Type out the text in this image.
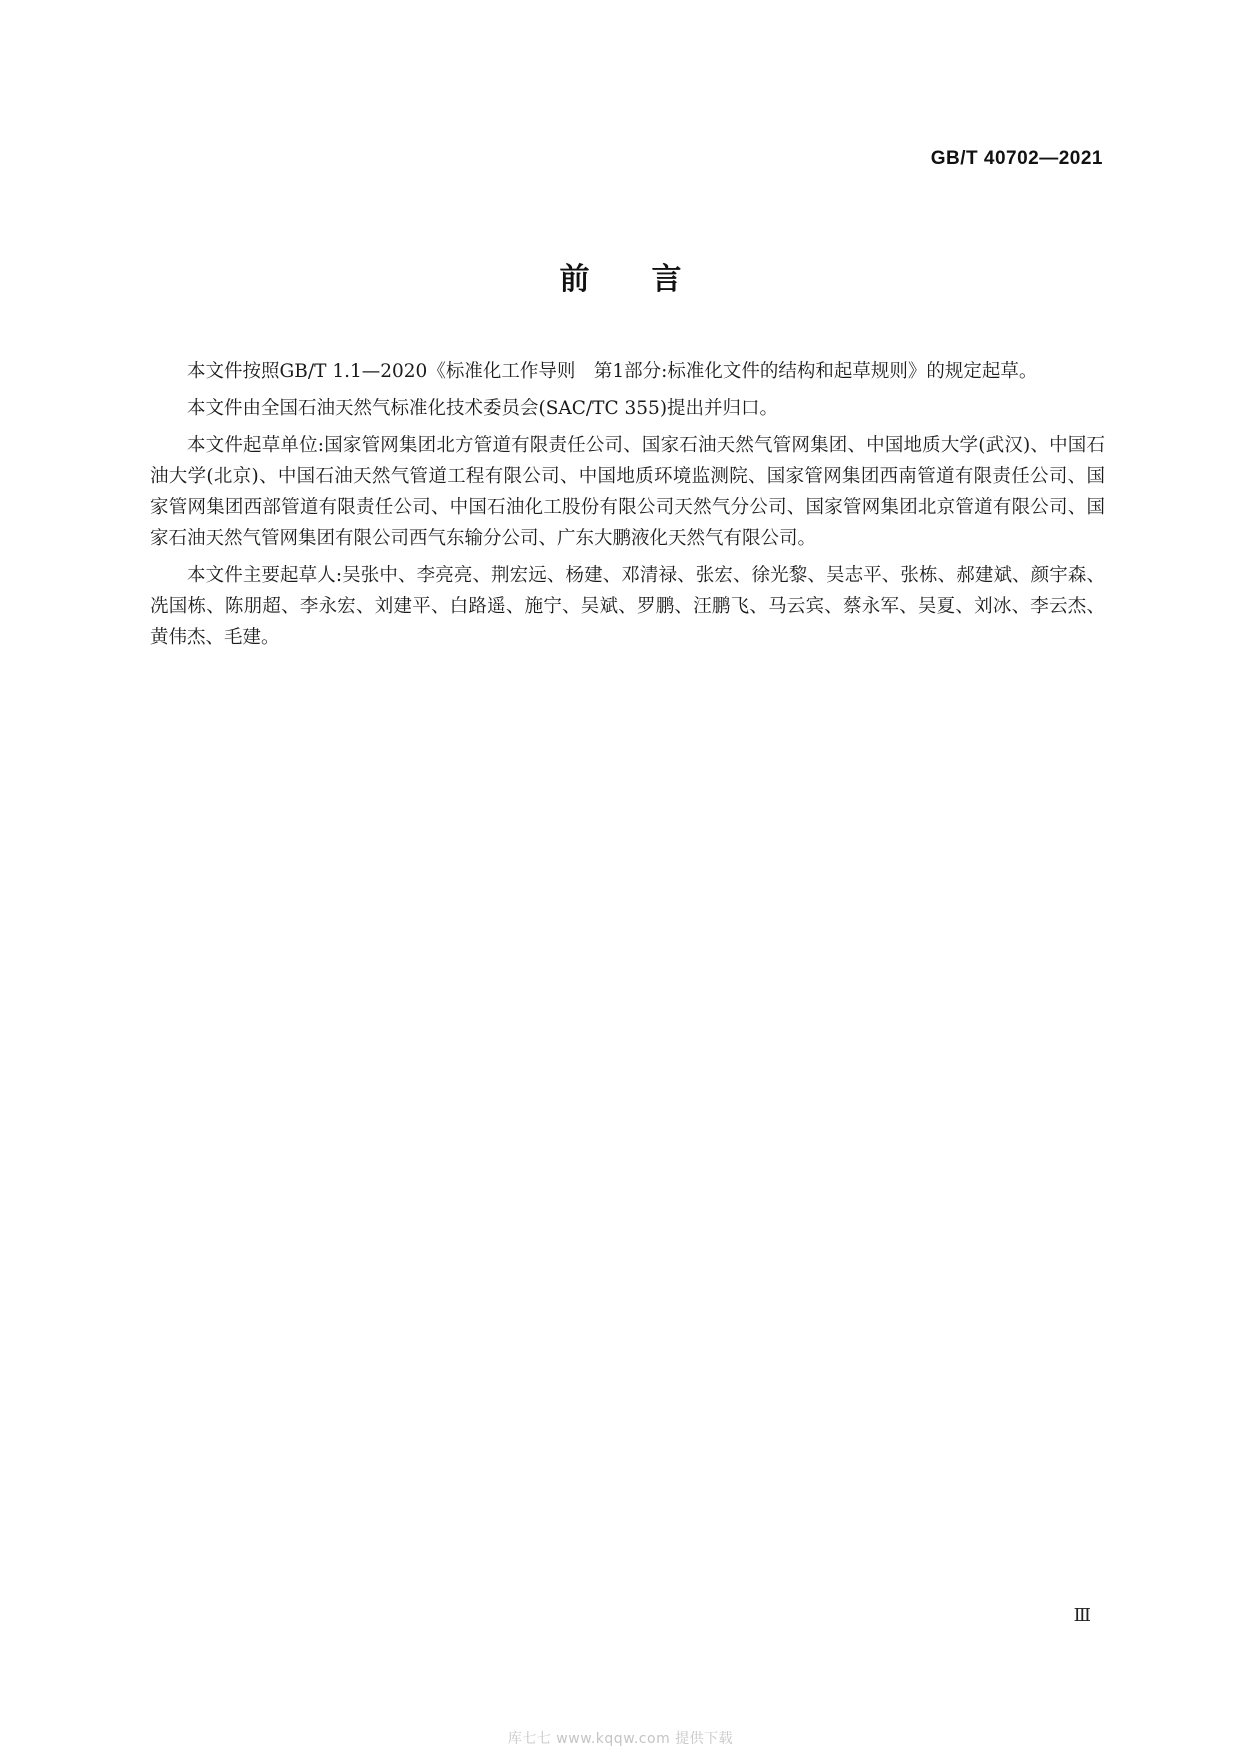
GB/T 40702—2021
前言

本文件按照GB/T 1.1—2020《标准化工作导则　第1部分:标准化文件的结构和起草规则》的规定起草。

本文件由全国石油天然气标准化技术委员会(SAC/TC 355)提出并归口。

本文件起草单位:国家管网集团北方管道有限责任公司、国家石油天然气管网集团、中国地质大学(武汉)、中国石油大学(北京)、中国石油天然气管道工程有限公司、中国地质环境监测院、国家管网集团西南管道有限责任公司、国家管网集团西部管道有限责任公司、中国石油化工股份有限公司天然气分公司、国家管网集团北京管道有限公司、国家石油天然气管网集团有限公司西气东输分公司、广东大鹏液化天然气有限公司。

本文件主要起草人:吴张中、李亮亮、荆宏远、杨建、邓清禄、张宏、徐光黎、吴志平、张栋、郝建斌、颜宇森、冼国栋、陈朋超、李永宏、刘建平、白路遥、施宁、吴斌、罗鹏、汪鹏飞、马云宾、蔡永军、吴夏、刘冰、李云杰、黄伟杰、毛建。

Ⅲ
库七七 www.kqqw.com 提供下载
